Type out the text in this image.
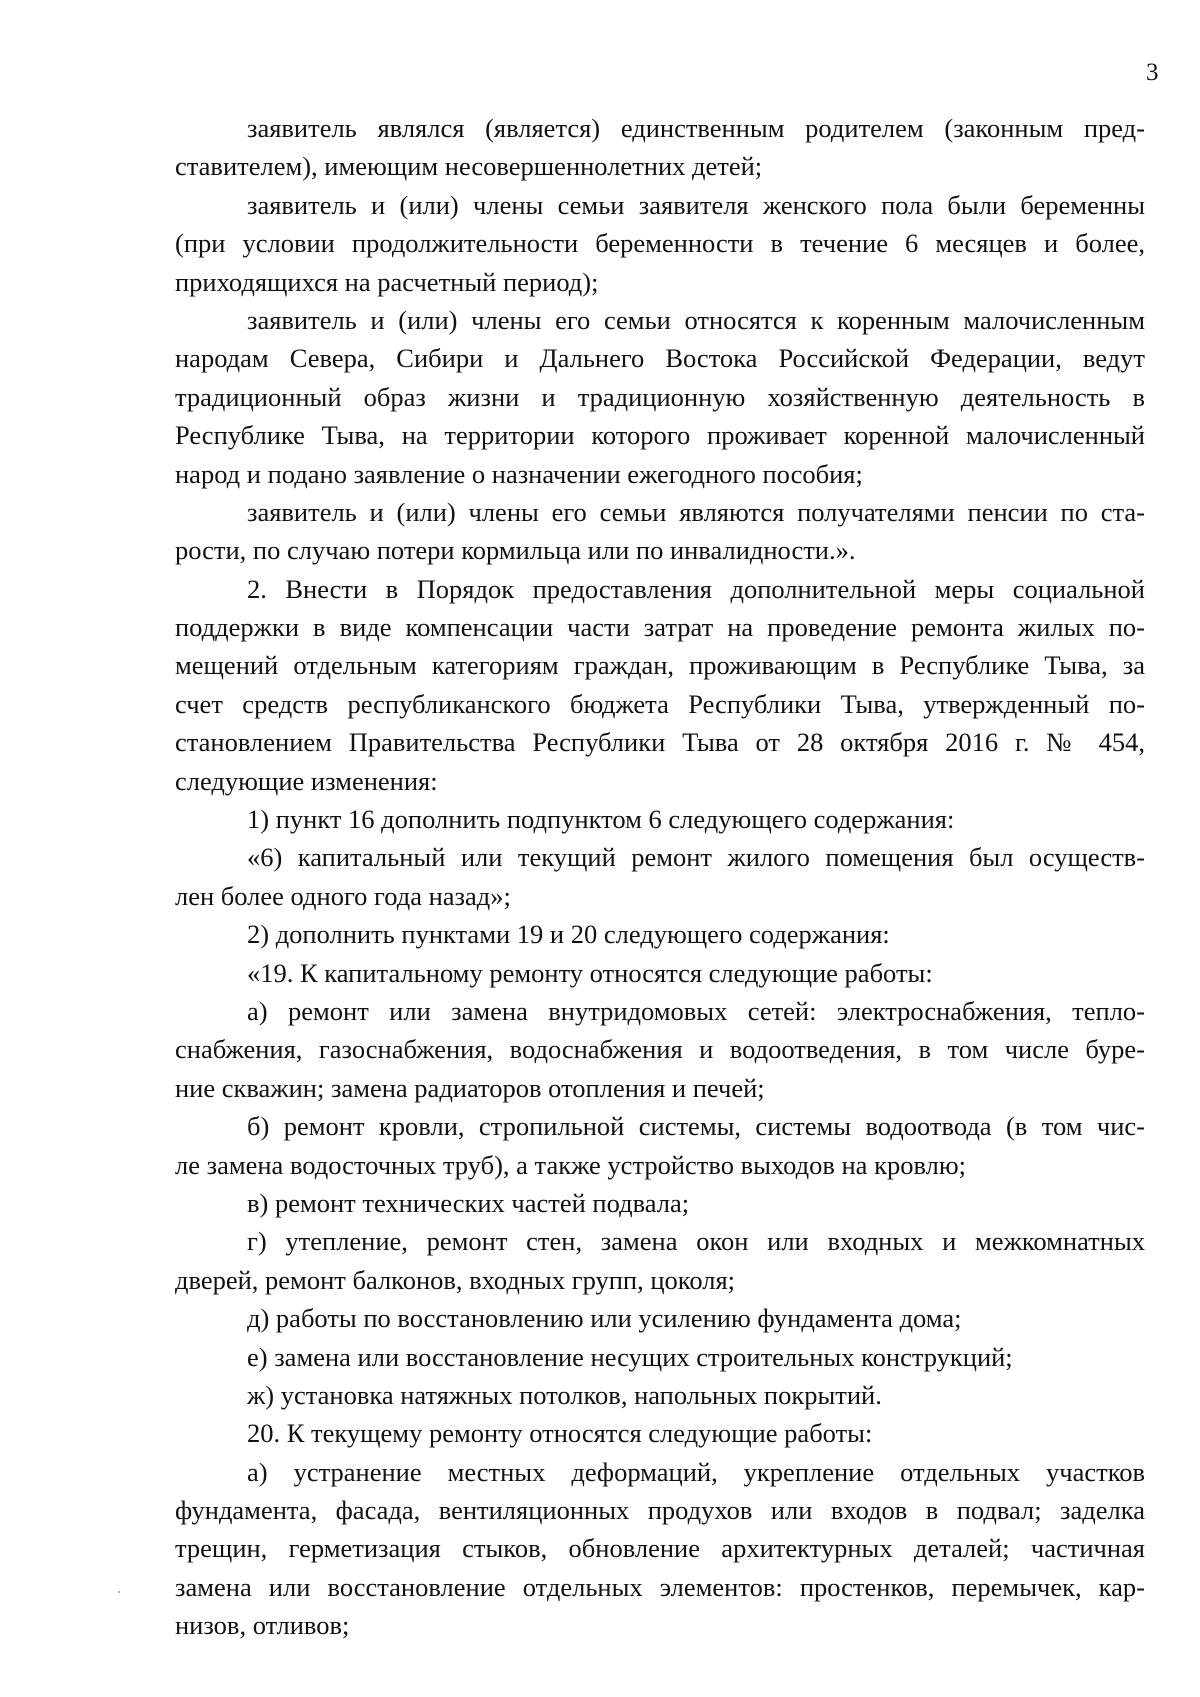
3
заявитель являлся (является) единственным родителем (законным пред-
ставителем), имеющим несовершеннолетних детей;
заявитель и (или) члены семьи заявителя женского пола были беременны
(при условии продолжительности беременности в течение 6 месяцев и более,
приходящихся на расчетный период);
заявитель и (или) члены его семьи относятся к коренным малочисленным
народам Севера, Сибири и Дальнего Востока Российской Федерации, ведут
традиционный образ жизни и традиционную хозяйственную деятельность в
Республике Тыва, на территории которого проживает коренной малочисленный
народ и подано заявление о назначении ежегодного пособия;
заявитель и (или) члены его семьи являются получателями пенсии по ста-
рости, по случаю потери кормильца или по инвалидности.».
2. Внести в Порядок предоставления дополнительной меры социальной
поддержки в виде компенсации части затрат на проведение ремонта жилых по-
мещений отдельным категориям граждан, проживающим в Республике Тыва, за
счет средств республиканского бюджета Республики Тыва, утвержденный по-
становлением Правительства Республики Тыва от 28 октября 2016 г. № 454,
следующие изменения:
1) пункт 16 дополнить подпунктом 6 следующего содержания:
«6) капитальный или текущий ремонт жилого помещения был осуществ-
лен более одного года назад»;
2) дополнить пунктами 19 и 20 следующего содержания:
«19. К капитальному ремонту относятся следующие работы:
а) ремонт или замена внутридомовых сетей: электроснабжения, тепло-
снабжения, газоснабжения, водоснабжения и водоотведения, в том числе буре-
ние скважин; замена радиаторов отопления и печей;
б) ремонт кровли, стропильной системы, системы водоотвода (в том чис-
ле замена водосточных труб), а также устройство выходов на кровлю;
в) ремонт технических частей подвала;
г) утепление, ремонт стен, замена окон или входных и межкомнатных
дверей, ремонт балконов, входных групп, цоколя;
д) работы по восстановлению или усилению фундамента дома;
е) замена или восстановление несущих строительных конструкций;
ж) установка натяжных потолков, напольных покрытий.
20. К текущему ремонту относятся следующие работы:
а) устранение местных деформаций, укрепление отдельных участков
фундамента, фасада, вентиляционных продухов или входов в подвал; заделка
трещин, герметизация стыков, обновление архитектурных деталей; частичная
замена или восстановление отдельных элементов: простенков, перемычек, кар-
низов, отливов;
